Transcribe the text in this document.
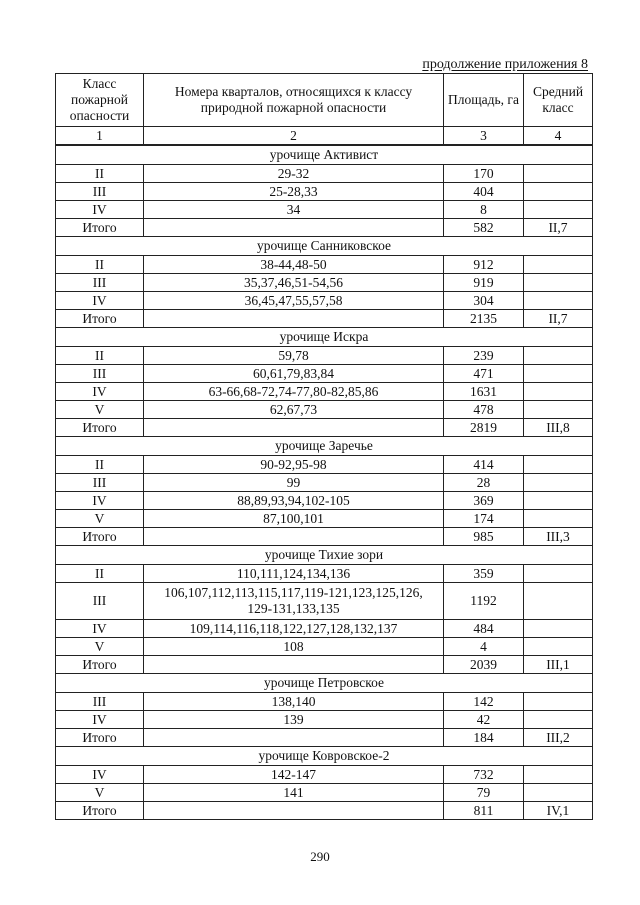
продолжение приложения 8
Класс пожарной опасности	Номера кварталов, относящихся к классу природной пожарной опасности	Площадь, га	Средний класс
1	2	3	4
урочище Активист			
II	29-32	170	
III	25-28,33	404	
IV	34	8	
Итого		582	II,7
урочище Санниковское			
II	38-44,48-50	912	
III	35,37,46,51-54,56	919	
IV	36,45,47,55,57,58	304	
Итого		2135	II,7
урочище Искра			
II	59,78	239	
III	60,61,79,83,84	471	
IV	63-66,68-72,74-77,80-82,85,86	1631	
V	62,67,73	478	
Итого		2819	III,8
урочище Заречье			
II	90-92,95-98	414	
III	99	28	
IV	88,89,93,94,102-105	369	
V	87,100,101	174	
Итого		985	III,3
урочище Тихие зори			
II	110,111,124,134,136	359	
III	106,107,112,113,115,117,119-121,123,125,126,
129-131,133,135	1192	
IV	109,114,116,118,122,127,128,132,137	484	
V	108	4	
Итого		2039	III,1
урочище Петровское			
III	138,140	142	
IV	139	42	
Итого		184	III,2
урочище Ковровское-2			
IV	142-147	732	
V	141	79	
Итого		811	IV,1
290
